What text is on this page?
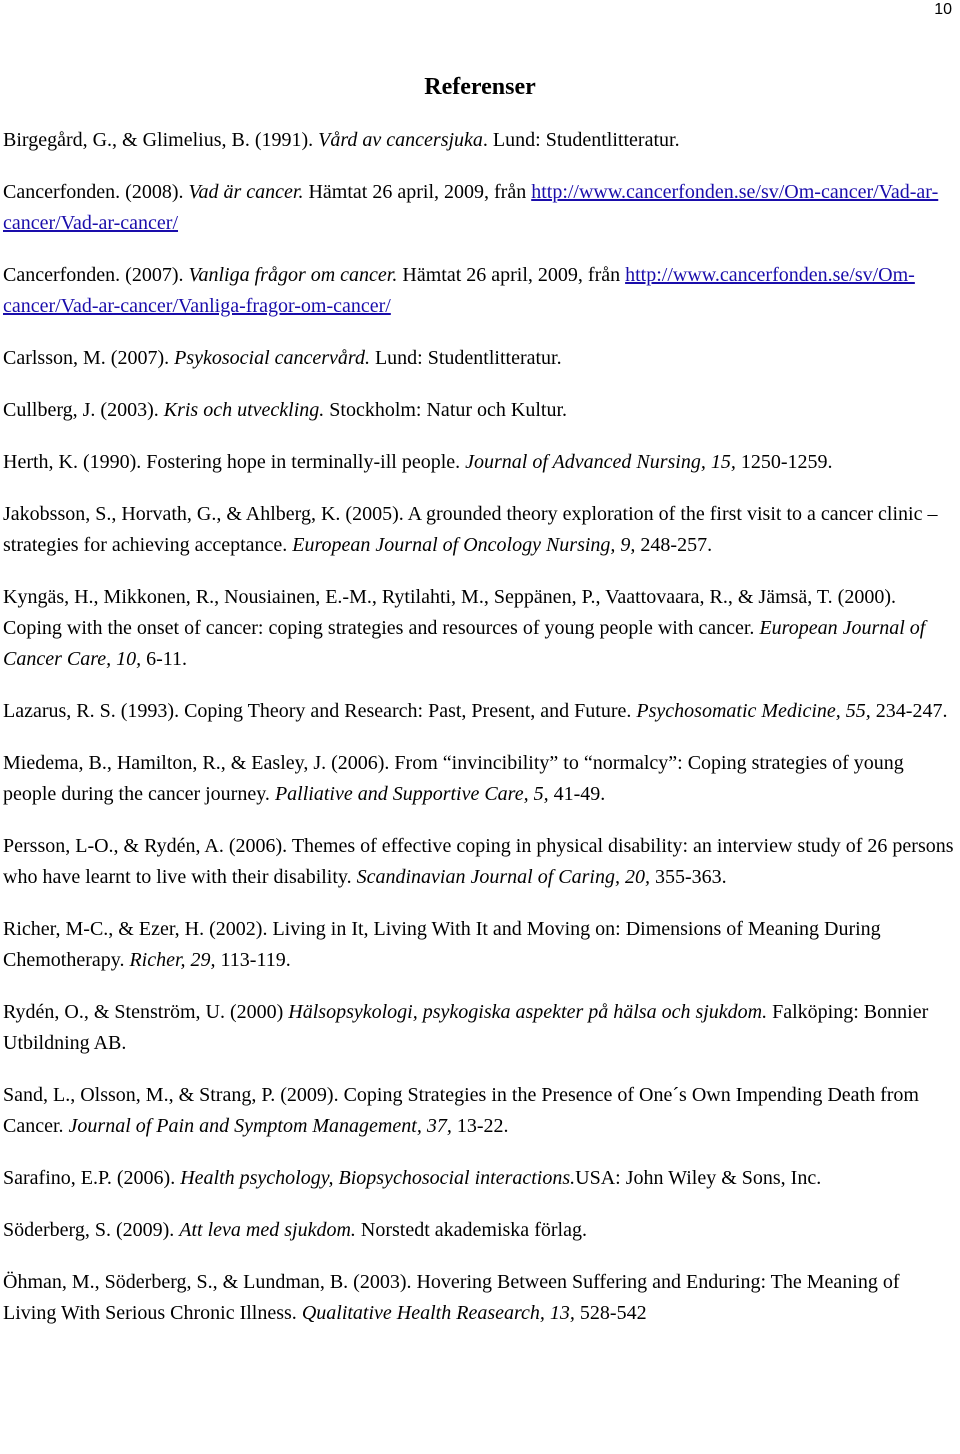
10
Referenser
Birgegård, G., & Glimelius, B. (1991). Vård av cancersjuka. Lund: Studentlitteratur.
Cancerfonden. (2008). Vad är cancer. Hämtat 26 april, 2009, från http://www.cancerfonden.se/sv/Om-cancer/Vad-ar-cancer/Vad-ar-cancer/
Cancerfonden. (2007). Vanliga frågor om cancer. Hämtat 26 april, 2009, från http://www.cancerfonden.se/sv/Om-cancer/Vad-ar-cancer/Vanliga-fragor-om-cancer/
Carlsson, M. (2007). Psykosocial cancervård. Lund: Studentlitteratur.
Cullberg, J. (2003). Kris och utveckling. Stockholm: Natur och Kultur.
Herth, K. (1990). Fostering hope in terminally-ill people. Journal of Advanced Nursing, 15, 1250-1259.
Jakobsson, S., Horvath, G., & Ahlberg, K. (2005). A grounded theory exploration of the first visit to a cancer clinic – strategies for achieving acceptance. European Journal of Oncology Nursing, 9, 248-257.
Kyngäs, H., Mikkonen, R., Nousiainen, E.-M., Rytilahti, M., Seppänen, P., Vaattovaara, R., & Jämsä, T. (2000). Coping with the onset of cancer: coping strategies and resources of young people with cancer. European Journal of Cancer Care, 10, 6-11.
Lazarus, R. S. (1993). Coping Theory and Research: Past, Present, and Future. Psychosomatic Medicine, 55, 234-247.
Miedema, B., Hamilton, R., & Easley, J. (2006). From “invincibility” to “normalcy”: Coping strategies of young people during the cancer journey. Palliative and Supportive Care, 5, 41-49.
Persson, L-O., & Rydén, A. (2006). Themes of effective coping in physical disability: an interview study of 26 persons who have learnt to live with their disability. Scandinavian Journal of Caring, 20, 355-363.
Richer, M-C., & Ezer, H. (2002). Living in It, Living With It and Moving on: Dimensions of Meaning During Chemotherapy. Richer, 29, 113-119.
Rydén, O., & Stenström, U. (2000) Hälsopsykologi, psykogiska aspekter på hälsa och sjukdom. Falköping: Bonnier Utbildning AB.
Sand, L., Olsson, M., & Strang, P. (2009). Coping Strategies in the Presence of One´s Own Impending Death from Cancer. Journal of Pain and Symptom Management, 37, 13-22.
Sarafino, E.P. (2006). Health psychology, Biopsychosocial interactions.USA: John Wiley & Sons, Inc.
Söderberg, S. (2009). Att leva med sjukdom. Norstedt akademiska förlag.
Öhman, M., Söderberg, S., & Lundman, B. (2003). Hovering Between Suffering and Enduring: The Meaning of Living With Serious Chronic Illness. Qualitative Health Reasearch, 13, 528-542
